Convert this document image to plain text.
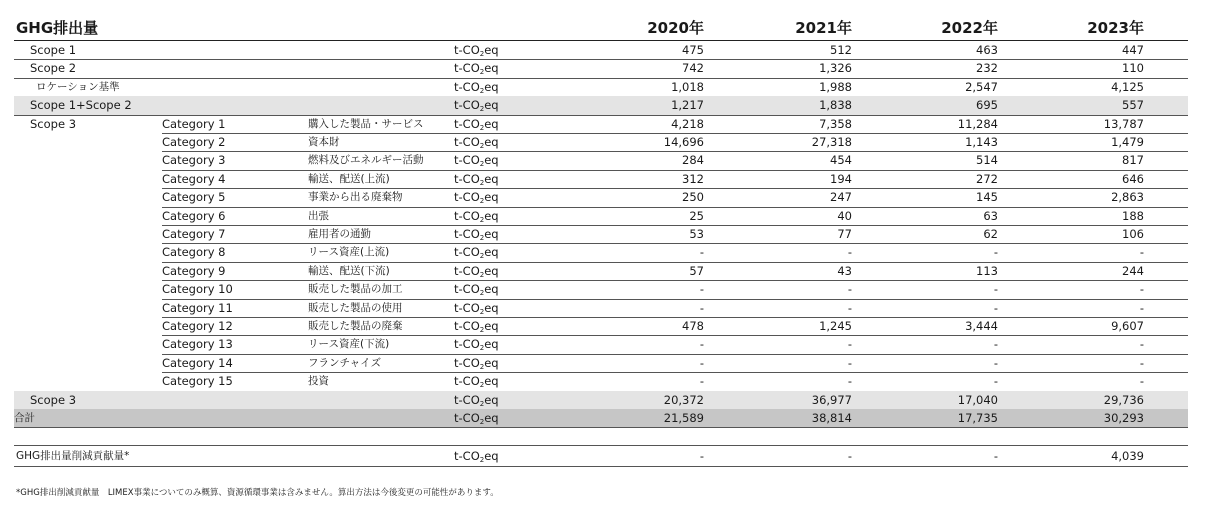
GHG排出量	2020年	2021年	2022年	2023年
Scope 1	$t-CO_2eq$	475	512	463	447
Scope 2	$t-CO_2eq$	742	1,326	232	110
ロケーション基準	$t-CO_2eq$	1,018	1,988	2,547	4,125
Scope 1+Scope 2	$t-CO_2eq$	1,217	1,838	695	557
Scope 3	Category 1	購入した製品・サービス	$t-CO_2eq$	4,218	7,358	11,284	13,787
Category 2	資本財	$t-CO_2eq$	14,696	27,318	1,143	1,479
Category 3	燃料及びエネルギー活動	$t-CO_2eq$	284	454	514	817
Category 4	輸送、配送(上流)	$t-CO_2eq$	312	194	272	646
Category 5	事業から出る廃棄物	$t-CO_2eq$	250	247	145	2,863
Category 6	出張	$t-CO_2eq$	25	40	63	188
Category 7	雇用者の通勤	$t-CO_2eq$	53	77	62	106
Category 8	リース資産(上流)	$t-CO_2eq$	-	-	-	-
Category 9	輸送、配送(下流)	$t-CO_2eq$	57	43	113	244
Category 10	販売した製品の加工	$t-CO_2eq$	-	-	-	-
Category 11	販売した製品の使用	$t-CO_2eq$	-	-	-	-
Category 12	販売した製品の廃棄	$t-CO_2eq$	478	1,245	3,444	9,607
Category 13	リース資産(下流)	$t-CO_2eq$	-	-	-	-
Category 14	フランチャイズ	$t-CO_2eq$	-	-	-	-
Category 15	投資	$t-CO_2eq$	-	-	-	-
Scope 3	$t-CO_2eq$	20,372	36,977	17,040	29,736
合計	$t-CO_2eq$	21,589	38,814	17,735	30,293
GHG排出量削減貢献量*	$t-CO_2eq$	-	-	-	4,039
*GHG排出削減貢献量　LIMEX事業についてのみ概算、資源循環事業は含みません。算出方法は今後変更の可能性があります。
